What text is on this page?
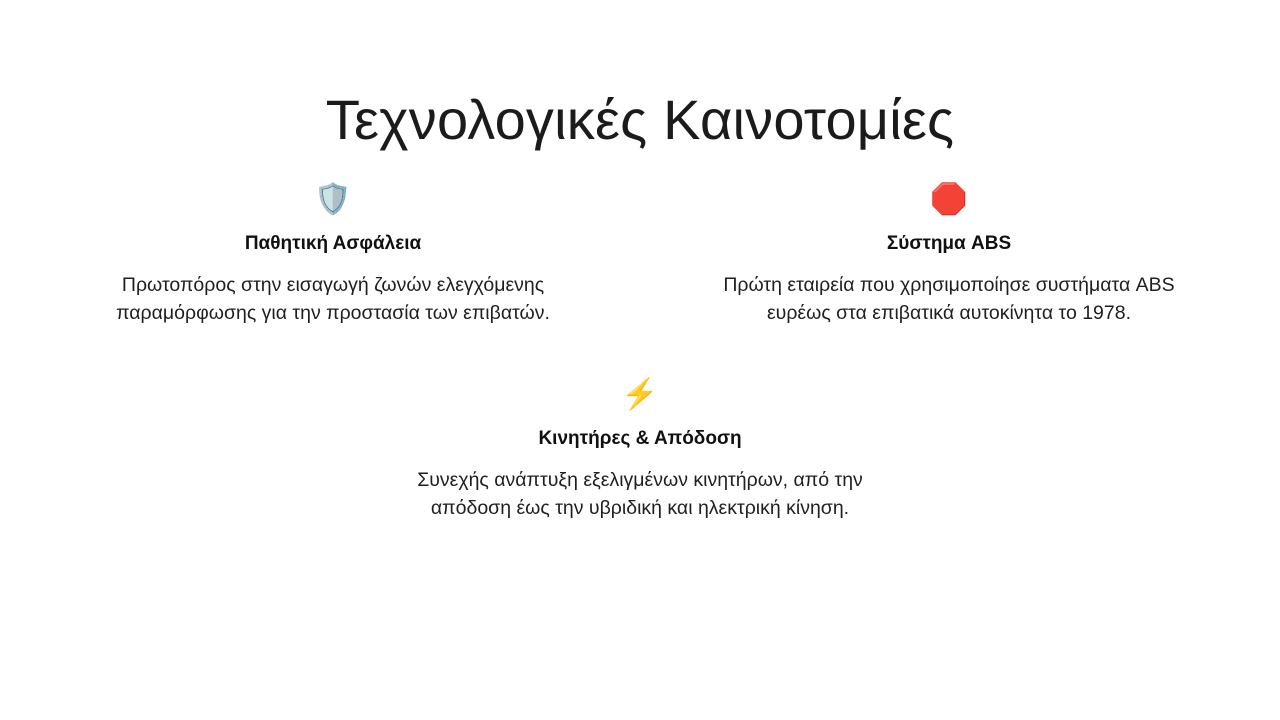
Τεχνολογικές Καινοτομίες
🛡️
Παθητική Ασφάλεια
Πρωτοπόρος στην εισαγωγή ζωνών ελεγχόμενης παραμόρφωσης για την προστασία των επιβατών.
🛑
Σύστημα ABS
Πρώτη εταιρεία που χρησιμοποίησε συστήματα ABS ευρέως στα επιβατικά αυτοκίνητα το 1978.
⚡
Κινητήρες & Απόδοση
Συνεχής ανάπτυξη εξελιγμένων κινητήρων, από την απόδοση έως την υβριδική και ηλεκτρική κίνηση.
